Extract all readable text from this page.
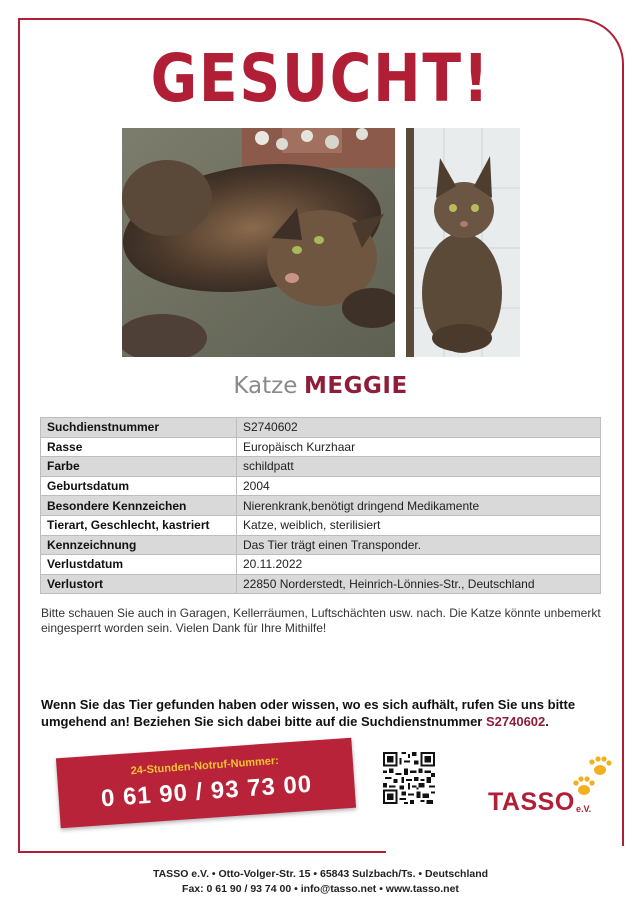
GESUCHT!
Katze MEGGIE
Suchdienstnummer	S2740602
Rasse	Europäisch Kurzhaar
Farbe	schildpatt
Geburtsdatum	2004
Besondere Kennzeichen	Nierenkrank,benötigt dringend Medikamente
Tierart, Geschlecht, kastriert	Katze, weiblich, sterilisiert
Kennzeichnung	Das Tier trägt einen Transponder.
Verlustdatum	20.11.2022
Verlustort	22850 Norderstedt, Heinrich-Lönnies-Str., Deutschland

Bitte schauen Sie auch in Garagen, Kellerräumen, Luftschächten usw. nach. Die Katze könnte unbemerkt eingesperrt worden sein. Vielen Dank für Ihre Mithilfe!

Wenn Sie das Tier gefunden haben oder wissen, wo es sich aufhält, rufen Sie uns bitte umgehend an! Beziehen Sie sich dabei bitte auf die Suchdienstnummer S2740602.

24-Stunden-Notruf-Nummer:
0 61 90 / 93 73 00	TASSO e.V.
TASSO e.V. • Otto-Volger-Str. 15 • 65843 Sulzbach/Ts. • Deutschland
Fax: 0 61 90 / 93 74 00 • info@tasso.net • www.tasso.net
